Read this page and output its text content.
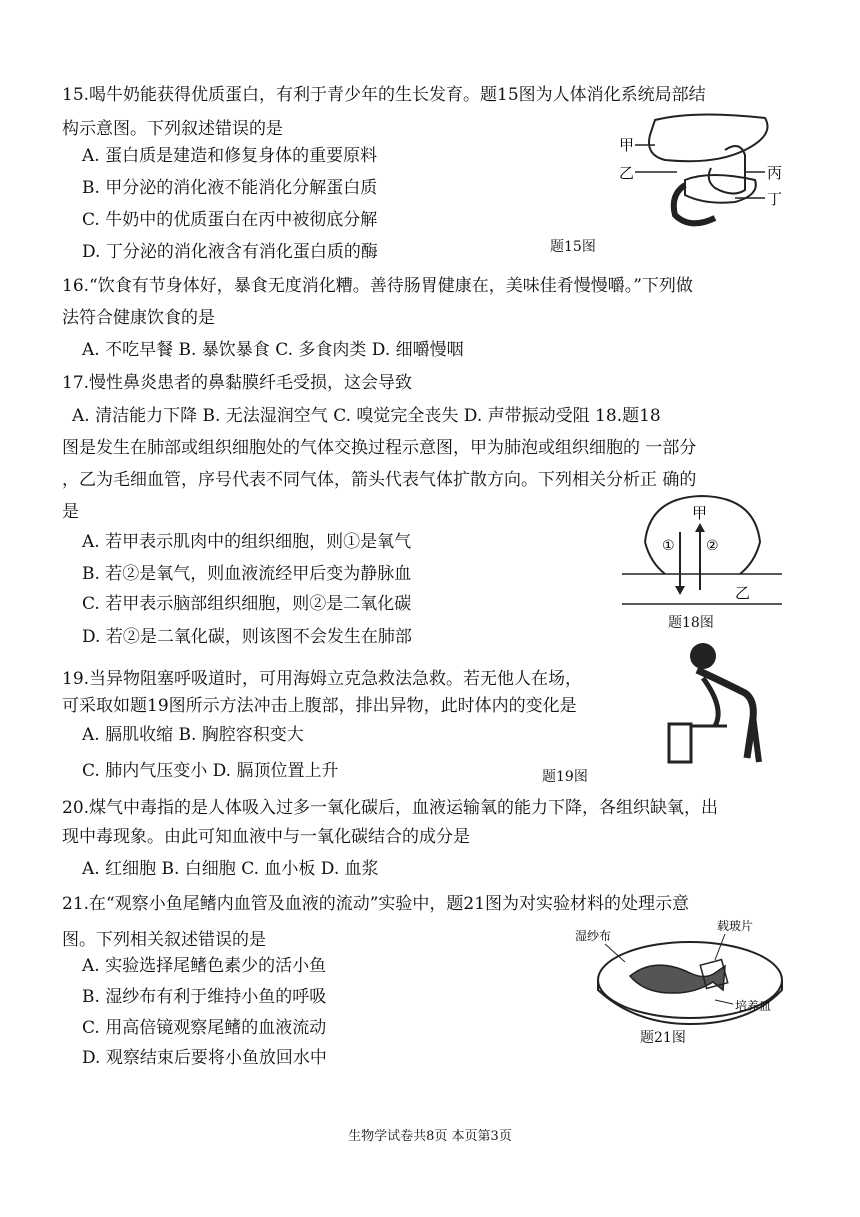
15.喝牛奶能获得优质蛋白，有利于青少年的生长发育。题15图为人体消化系统局部结
构示意图。下列叙述错误的是
A. 蛋白质是建造和修复身体的重要原料
B. 甲分泌的消化液不能消化分解蛋白质
C. 牛奶中的优质蛋白在丙中被彻底分解
D. 丁分泌的消化液含有消化蛋白质的酶
甲
乙	丙
丁
题15图
16.“饮食有节身体好，暴食无度消化糟。善待肠胃健康在，美味佳肴慢慢嚼。”下列做
法符合健康饮食的是
A. 不吃早餐 B. 暴饮暴食 C. 多食肉类 D. 细嚼慢咽
17.慢性鼻炎患者的鼻黏膜纤毛受损，这会导致
A. 清洁能力下降 B. 无法湿润空气 C. 嗅觉完全丧失 D. 声带振动受阻 18.题18
图是发生在肺部或组织细胞处的气体交换过程示意图，甲为肺泡或组织细胞的 一部分
，乙为毛细血管，序号代表不同气体，箭头代表气体扩散方向。下列相关分析正 确的
是
A. 若甲表示肌肉中的组织细胞，则①是氧气
B. 若②是氧气，则血液流经甲后变为静脉血
C. 若甲表示脑部组织细胞，则②是二氧化碳
D. 若②是二氧化碳，则该图不会发生在肺部
甲
① ②
乙
题18图
19.当异物阻塞呼吸道时，可用海姆立克急救法急救。若无他人在场，
可采取如题19图所示方法冲击上腹部，排出异物，此时体内的变化是
A. 膈肌收缩 B. 胸腔容积变大
C. 肺内气压变小 D. 膈顶位置上升	题19图
20.煤气中毒指的是人体吸入过多一氧化碳后，血液运输氧的能力下降，各组织缺氧，出
现中毒现象。由此可知血液中与一氧化碳结合的成分是
A. 红细胞 B. 白细胞 C. 血小板 D. 血浆
21.在“观察小鱼尾鳍内血管及血液的流动”实验中，题21图为对实验材料的处理示意
图。下列相关叙述错误的是
A. 实验选择尾鳍色素少的活小鱼
B. 湿纱布有利于维持小鱼的呼吸
C. 用高倍镜观察尾鳍的血液流动
D. 观察结束后要将小鱼放回水中
湿纱布
载玻片
培养皿
题21图
生物学试卷共8页 本页第3页
